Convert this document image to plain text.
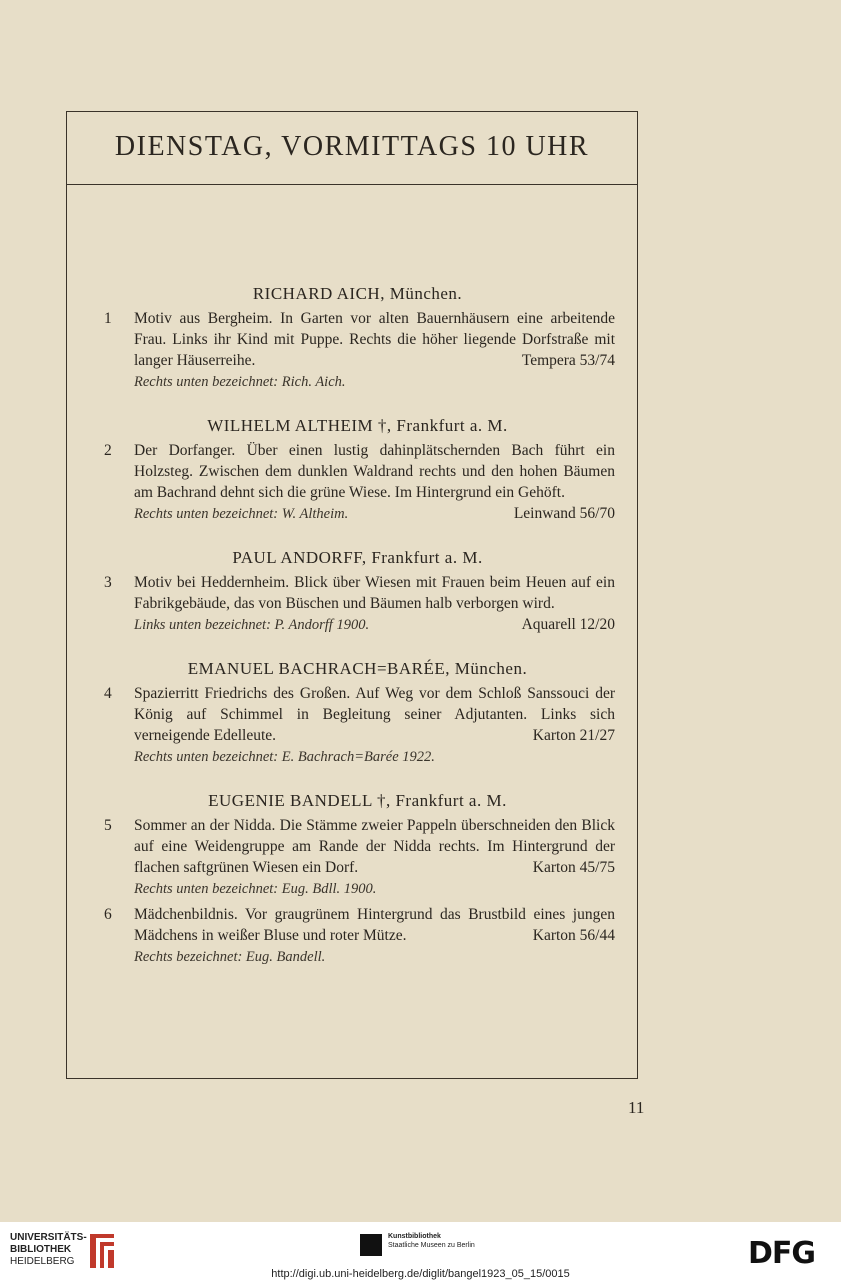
DIENSTAG, VORMITTAGS 10 UHR
RICHARD AICH, München.
1 Motiv aus Bergheim. In Garten vor alten Bauernhäusern eine arbeitende Frau. Links ihr Kind mit Puppe. Rechts die höher liegende Dorfstraße mit langer Häuserreihe.	Tempera 53/74
Rechts unten bezeichnet: Rich. Aich.
WILHELM ALTHEIM †, Frankfurt a. M.
2 Der Dorfanger. Über einen lustig dahinplätschernden Bach führt ein Holzsteg. Zwischen dem dunklen Waldrand rechts und den hohen Bäumen am Bachrand dehnt sich die grüne Wiese. Im Hintergrund ein Gehöft.
Leinwand 56/70
Rechts unten bezeichnet: W. Altheim.
PAUL ANDORFF, Frankfurt a. M.
3 Motiv bei Heddernheim. Blick über Wiesen mit Frauen beim Heuen auf ein Fabrikgebäude, das von Büschen und Bäumen halb verborgen wird.
Aquarell 12/20
Links unten bezeichnet: P. Andorff 1900.
EMANUEL BACHRACH=BARÉE, München.
4 Spazierritt Friedrichs des Großen. Auf Weg vor dem Schloß Sanssouci der König auf Schimmel in Begleitung seiner Adjutanten. Links sich verneigende Edelleute.	Karton 21/27
Rechts unten bezeichnet: E. Bachrach=Barée 1922.
EUGENIE BANDELL †, Frankfurt a. M.
5 Sommer an der Nidda. Die Stämme zweier Pappeln überschneiden den Blick auf eine Weidengruppe am Rande der Nidda rechts. Im Hintergrund der flachen saftgrünen Wiesen ein Dorf.	Karton 45/75
Rechts unten bezeichnet: Eug. Bdll. 1900.
6 Mädchenbildnis. Vor graugrünem Hintergrund das Brustbild eines jungen Mädchens in weißer Bluse und roter Mütze.	Karton 56/44
Rechts bezeichnet: Eug. Bandell.
11
UNIVERSITÄTS-
BIBLIOTHEK
HEIDELBERG
Kunstbibliothek
Staatliche Museen zu Berlin	DFG
http://digi.ub.uni-heidelberg.de/diglit/bangel1923_05_15/0015
